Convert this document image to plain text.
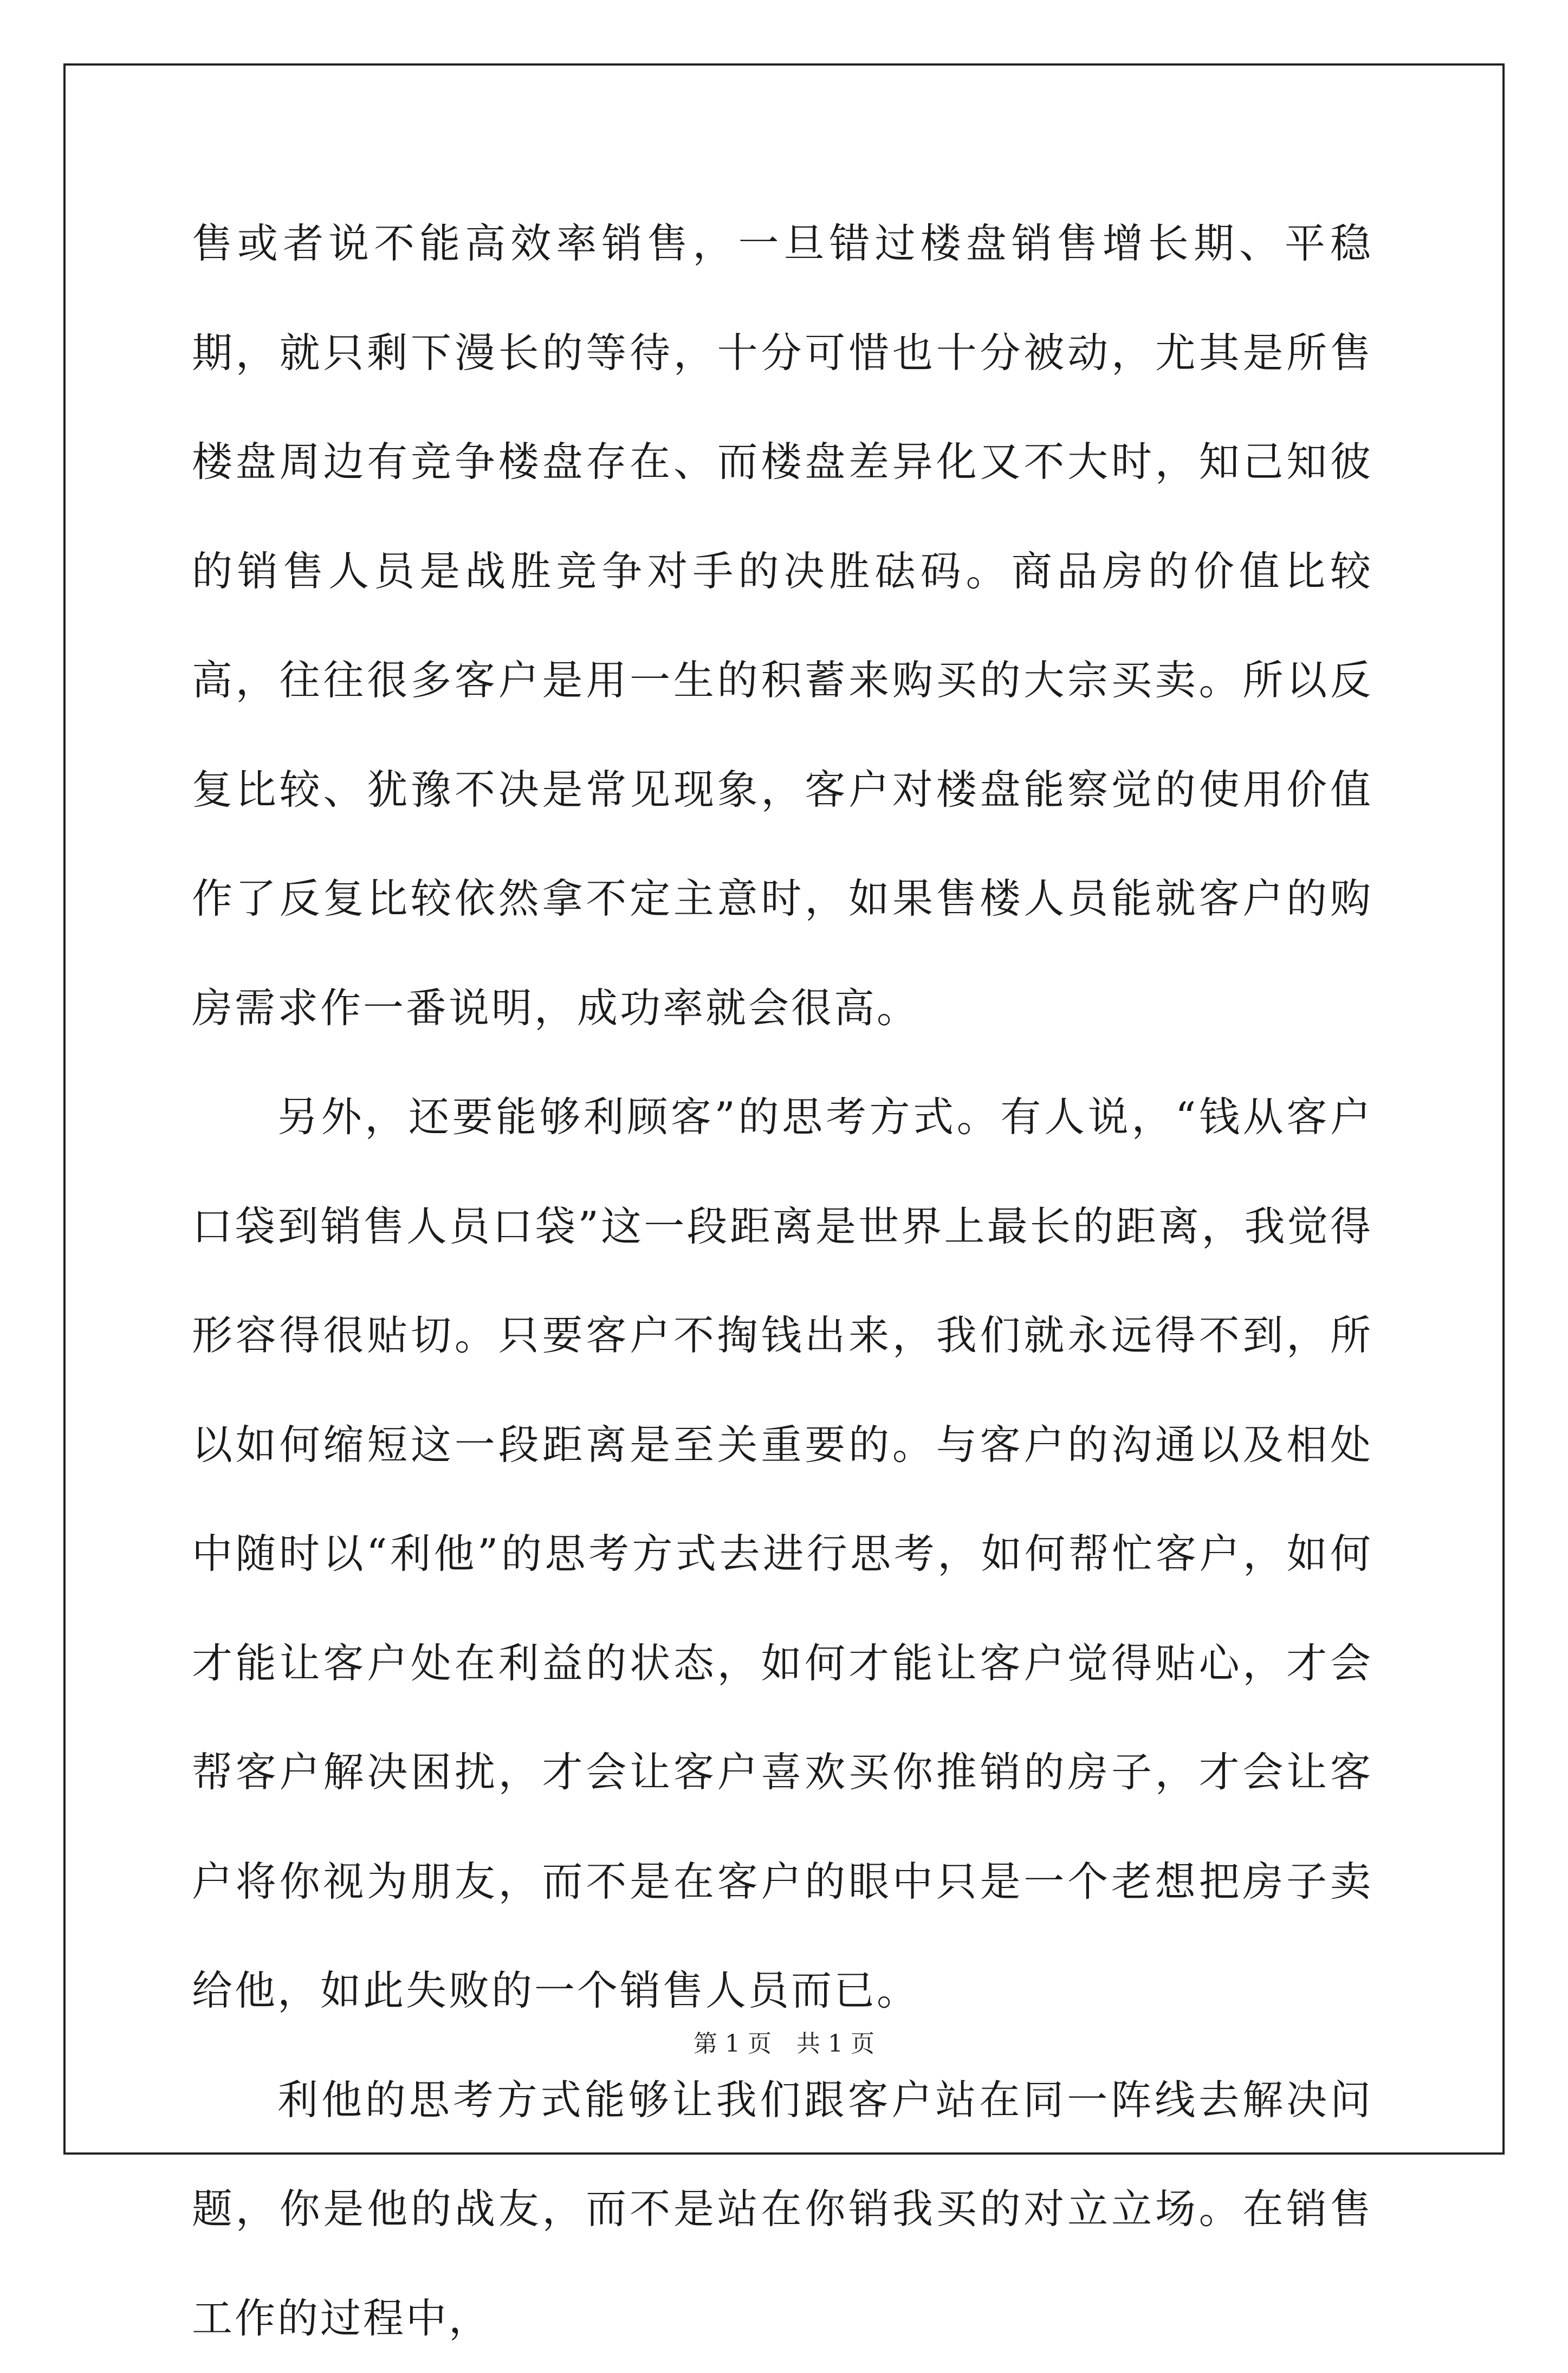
售或者说不能高效率销售，一旦错过楼盘销售增长期、平稳期，就只剩下漫长的等待，十分可惜也十分被动，尤其是所售楼盘周边有竞争楼盘存在、而楼盘差异化又不大时，知己知彼的销售人员是战胜竞争对手的决胜砝码。商品房的价值比较高，往往很多客户是用一生的积蓄来购买的大宗买卖。所以反复比较、犹豫不决是常见现象，客户对楼盘能察觉的使用价值作了反复比较依然拿不定主意时，如果售楼人员能就客户的购房需求作一番说明，成功率就会很高。

另外，还要能够利顾客”的思考方式。有人说，“钱从客户口袋到销售人员口袋”这一段距离是世界上最长的距离，我觉得形容得很贴切。只要客户不掏钱出来，我们就永远得不到，所以如何缩短这一段距离是至关重要的。与客户的沟通以及相处中随时以“利他”的思考方式去进行思考，如何帮忙客户，如何才能让客户处在利益的状态，如何才能让客户觉得贴心，才会帮客户解决困扰，才会让客户喜欢买你推销的房子，才会让客户将你视为朋友，而不是在客户的眼中只是一个老想把房子卖给他，如此失败的一个销售人员而已。

利他的思考方式能够让我们跟客户站在同一阵线去解决问题，你是他的战友，而不是站在你销我买的对立立场。在销售工作的过程中，

第 1 页 共 1 页
